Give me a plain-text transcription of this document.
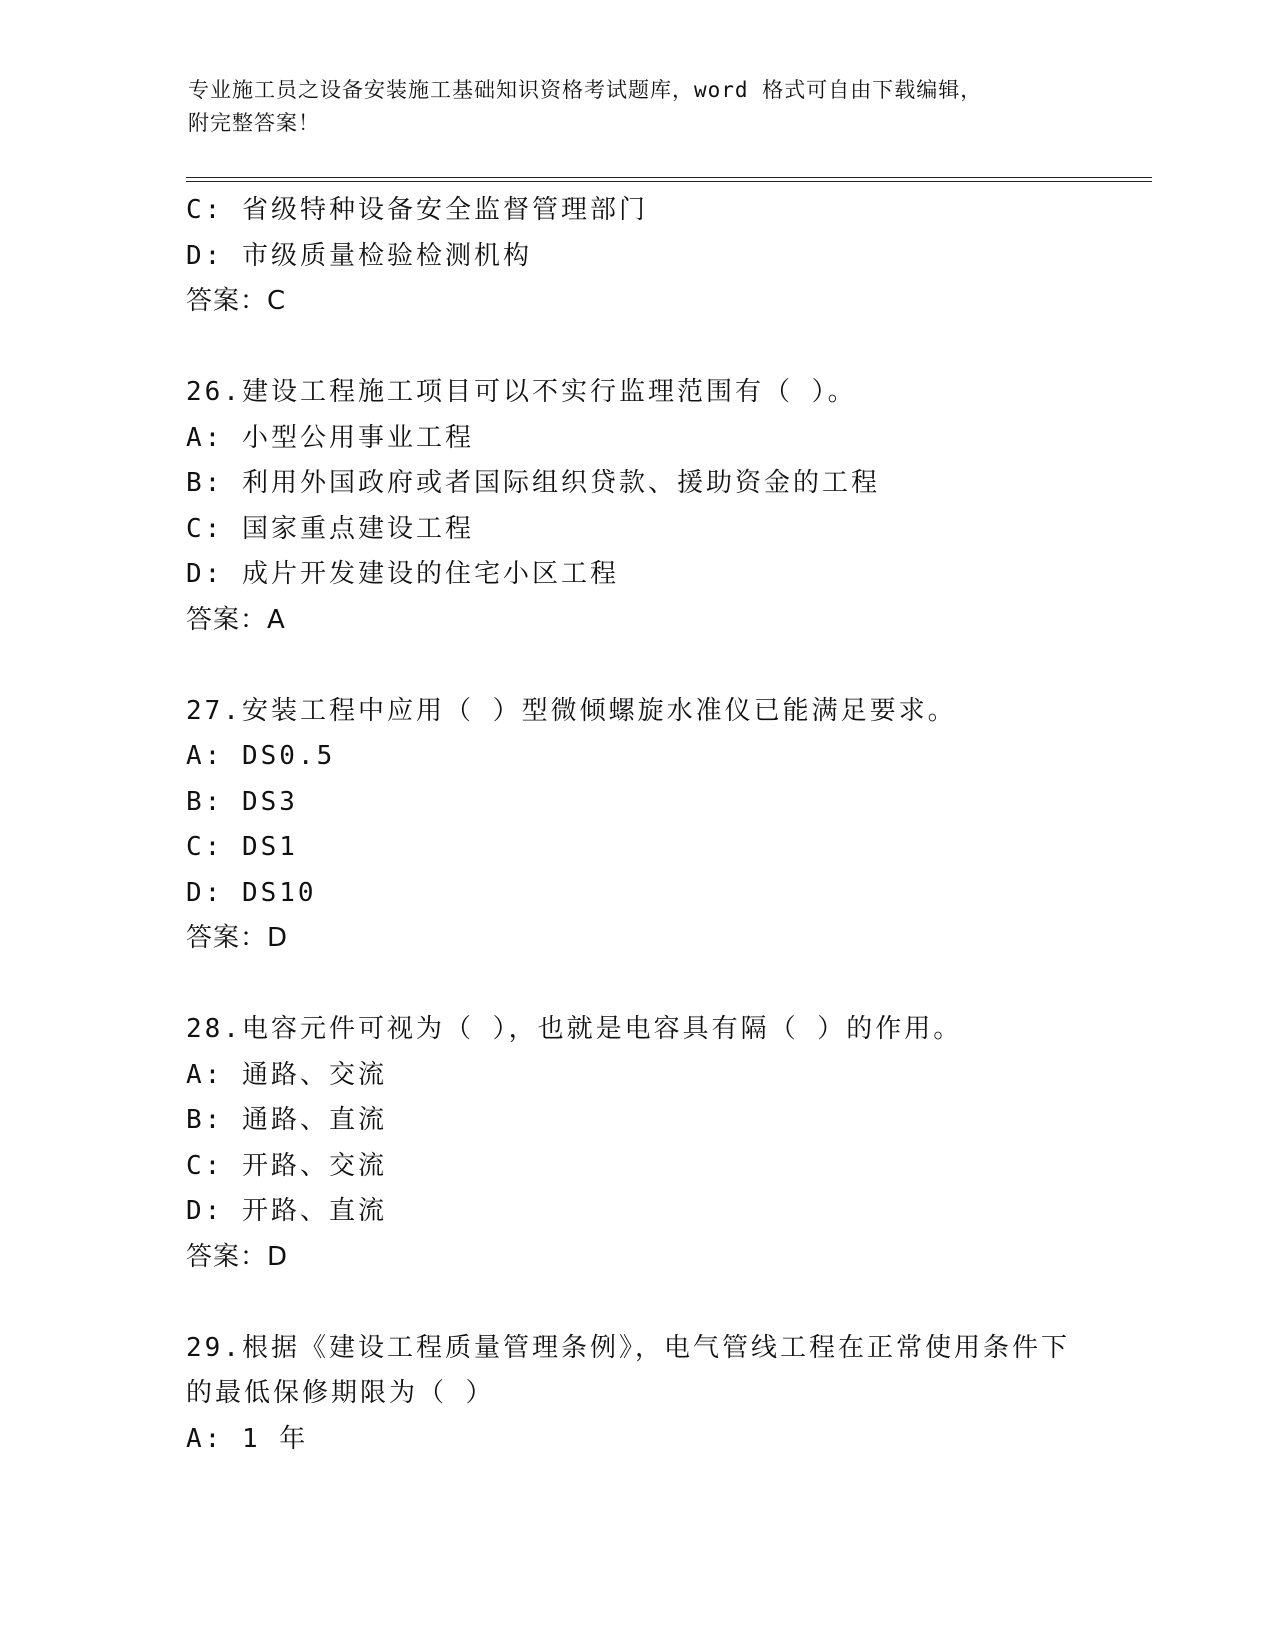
专业施工员之设备安装施工基础知识资格考试题库，word 格式可自由下载编辑，
附完整答案！
C: 省级特种设备安全监督管理部门
D: 市级质量检验检测机构
答案：C
26.建设工程施工项目可以不实行监理范围有（ ）。
A: 小型公用事业工程
B: 利用外国政府或者国际组织贷款、援助资金的工程
C: 国家重点建设工程
D: 成片开发建设的住宅小区工程
答案：A
27.安装工程中应用（ ）型微倾螺旋水准仪已能满足要求。
A: DS0.5
B: DS3
C: DS1
D: DS10
答案：D
28.电容元件可视为（ ），也就是电容具有隔（ ）的作用。
A: 通路、交流
B: 通路、直流
C: 开路、交流
D: 开路、直流
答案：D
29.根据《建设工程质量管理条例》，电气管线工程在正常使用条件下
的最低保修期限为（ ）
A: 1 年
